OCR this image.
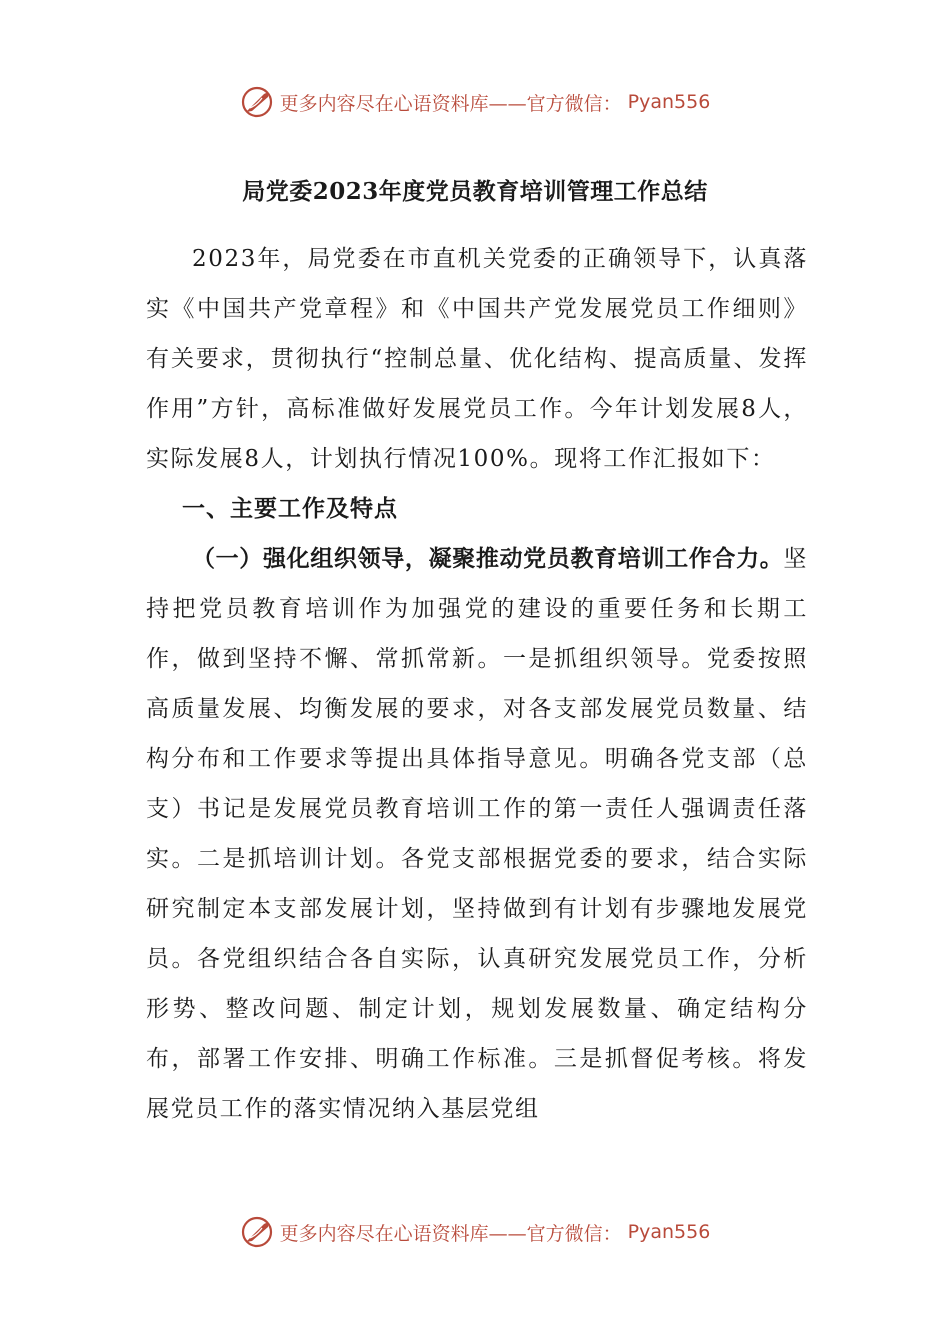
更多内容尽在心语资料库——官方微信： Pyan556
局党委2023年度党员教育培训管理工作总结

2023年，局党委在市直机关党委的正确领导下，认真落实《中国共产党章程》和《中国共产党发展党员工作细则》有关要求，贯彻执行“控制总量、优化结构、提高质量、发挥作用”方针，高标准做好发展党员工作。今年计划发展8人，实际发展8人，计划执行情况100%。现将工作汇报如下：

一、主要工作及特点

（一）强化组织领导，凝聚推动党员教育培训工作合力。坚持把党员教育培训作为加强党的建设的重要任务和长期工作，做到坚持不懈、常抓常新。一是抓组织领导。党委按照高质量发展、均衡发展的要求，对各支部发展党员数量、结构分布和工作要求等提出具体指导意见。明确各党支部（总支）书记是发展党员教育培训工作的第一责任人强调责任落实。二是抓培训计划。各党支部根据党委的要求，结合实际研究制定本支部发展计划，坚持做到有计划有步骤地发展党员。各党组织结合各自实际，认真研究发展党员工作，分析形势、整改问题、制定计划，规划发展数量、确定结构分布，部署工作安排、明确工作标准。三是抓督促考核。将发展党员工作的落实情况纳入基层党组

更多内容尽在心语资料库——官方微信： Pyan556
